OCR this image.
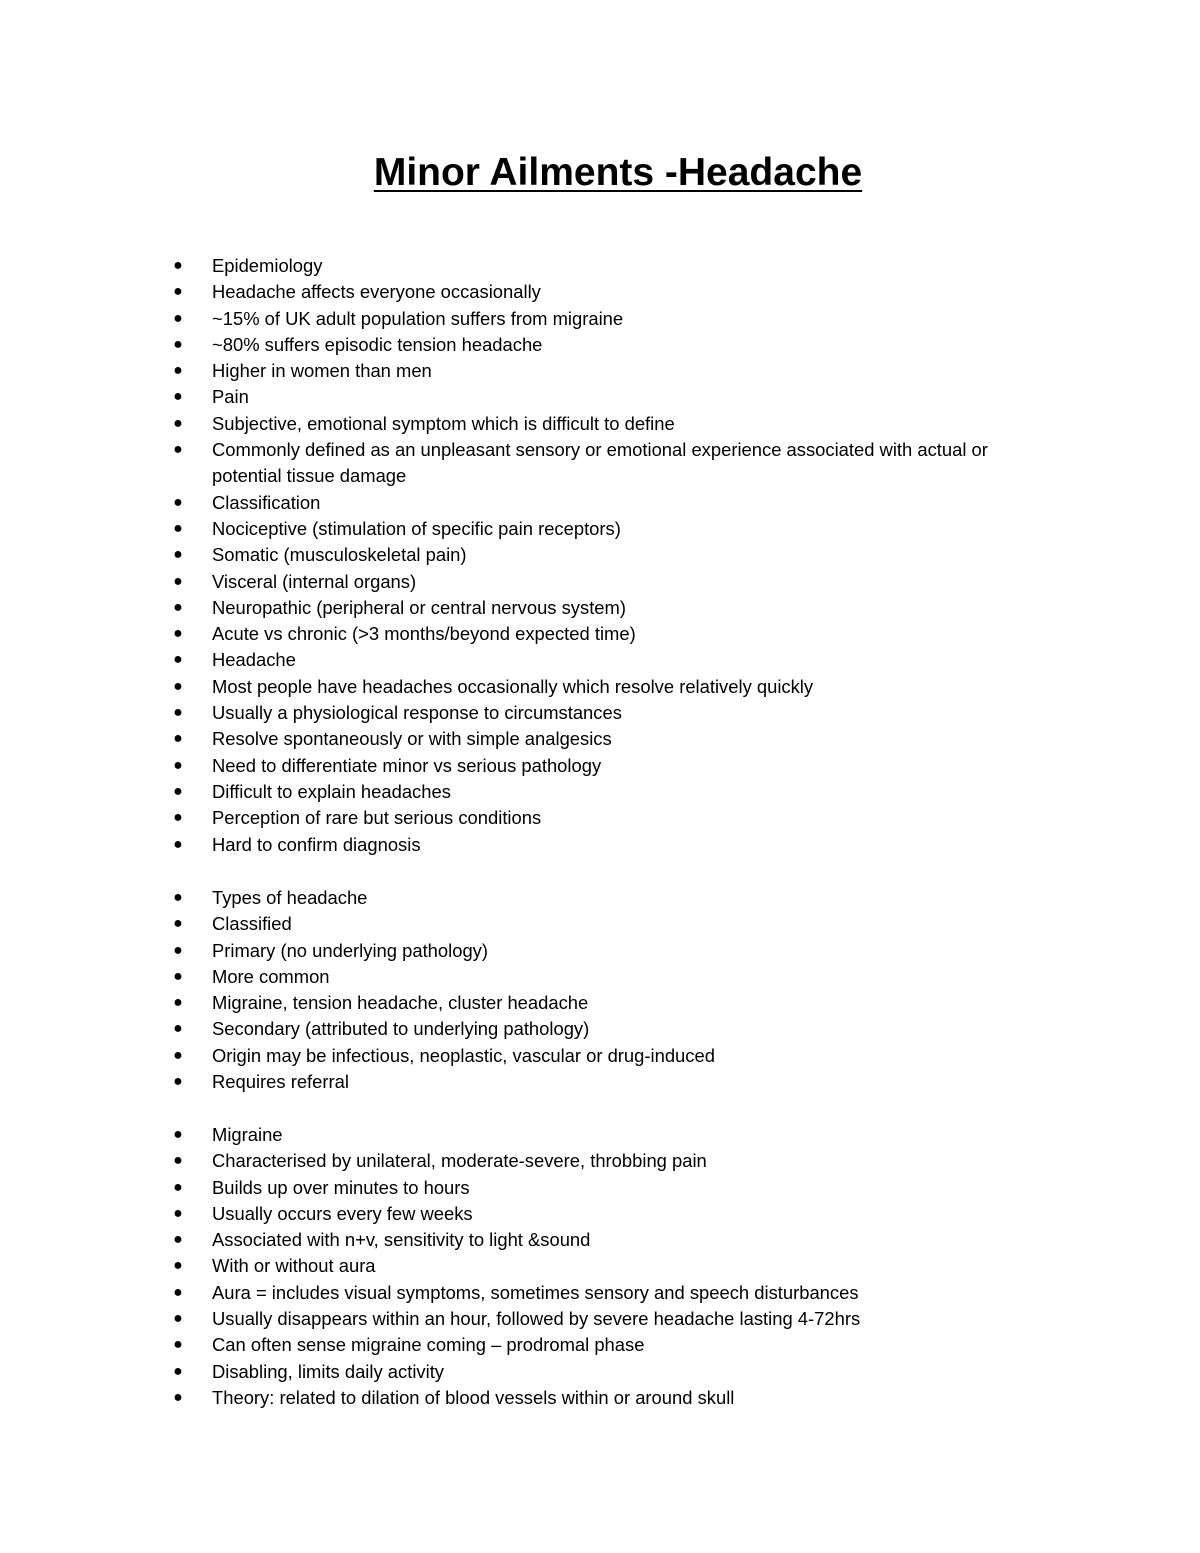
Minor Ailments -Headache
● Epidemiology
● Headache affects everyone occasionally
● ~15% of UK adult population suffers from migraine
● ~80% suffers episodic tension headache
● Higher in women than men
● Pain
● Subjective, emotional symptom which is difficult to define
● Commonly defined as an unpleasant sensory or emotional experience associated with actual or potential tissue damage
● Classification
● Nociceptive (stimulation of specific pain receptors)
● Somatic (musculoskeletal pain)
● Visceral (internal organs)
● Neuropathic (peripheral or central nervous system)
● Acute vs chronic (>3 months/beyond expected time)
● Headache
● Most people have headaches occasionally which resolve relatively quickly
● Usually a physiological response to circumstances
● Resolve spontaneously or with simple analgesics
● Need to differentiate minor vs serious pathology
● Difficult to explain headaches
● Perception of rare but serious conditions
● Hard to confirm diagnosis
● Types of headache
● Classified
● Primary (no underlying pathology)
● More common
● Migraine, tension headache, cluster headache
● Secondary (attributed to underlying pathology)
● Origin may be infectious, neoplastic, vascular or drug-induced
● Requires referral
● Migraine
● Characterised by unilateral, moderate-severe, throbbing pain
● Builds up over minutes to hours
● Usually occurs every few weeks
● Associated with n+v, sensitivity to light &sound
● With or without aura
● Aura = includes visual symptoms, sometimes sensory and speech disturbances
● Usually disappears within an hour, followed by severe headache lasting 4-72hrs
● Can often sense migraine coming – prodromal phase
● Disabling, limits daily activity
● Theory: related to dilation of blood vessels within or around skull
